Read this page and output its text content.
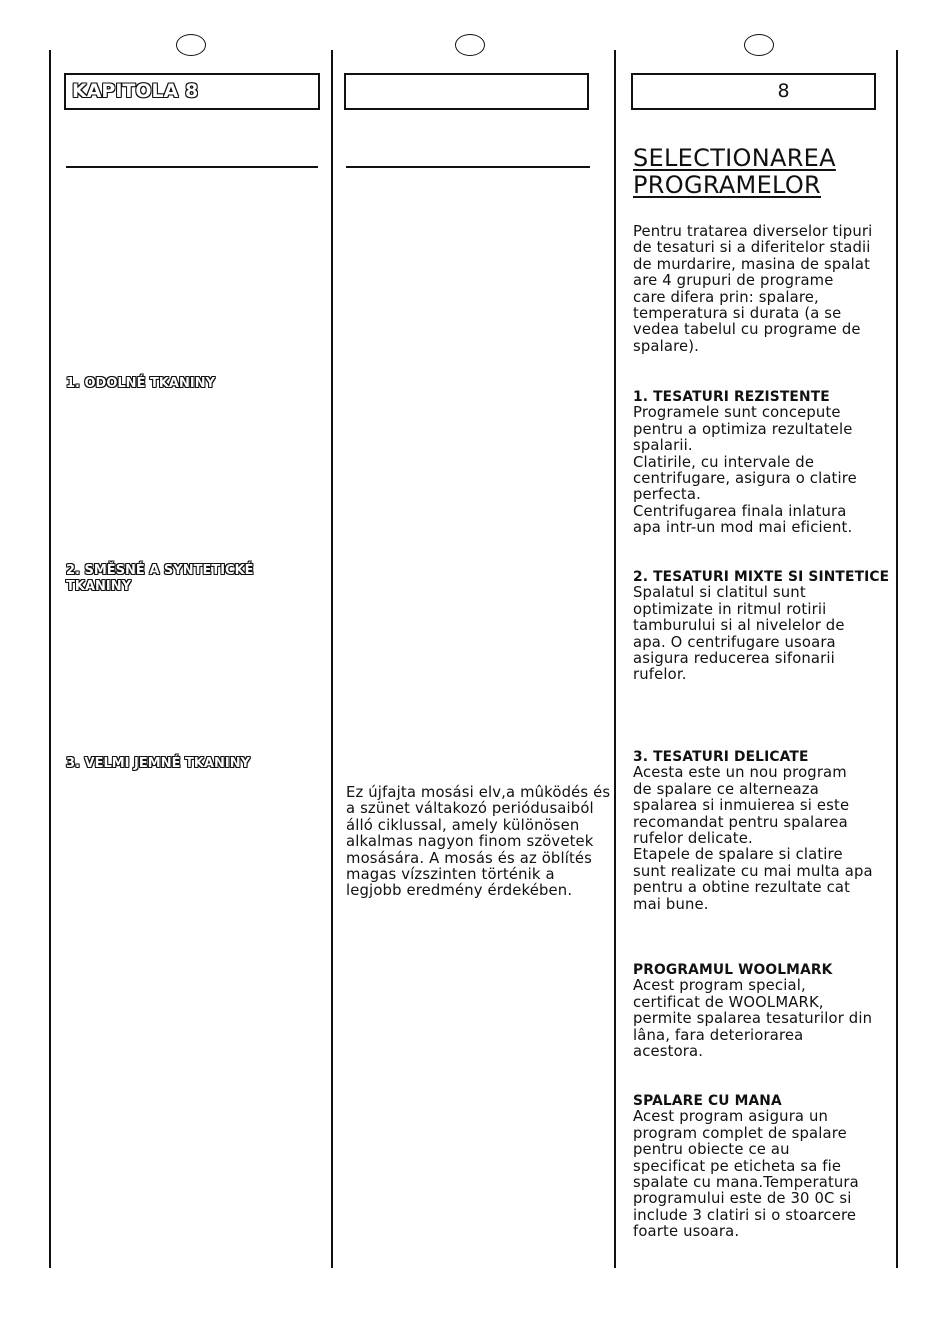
KAPITOLA 8
1. ODOLNÉ TKANINY
2. SMĚSNÉ A SYNTETICKÉ
TKANINY
3. VELMI JEMNÉ TKANINY
Ez újfajta mosási elv,a mûködés és
a szünet váltakozó periódusaiból
álló ciklussal, amely különösen
alkalmas nagyon finom szövetek
mosására. A mosás és az öblítés
magas vízszinten történik a
legjobb eredmény érdekében.
8
SELECTIONAREA
PROGRAMELOR
Pentru tratarea diverselor tipuri
de tesaturi si a diferitelor stadii
de murdarire, masina de spalat
are 4 grupuri de programe
care difera prin: spalare,
temperatura si durata (a se
vedea tabelul cu programe de
spalare).
1. TESATURI REZISTENTE
Programele sunt concepute
pentru a optimiza rezultatele
spalarii.
Clatirile, cu intervale de
centrifugare, asigura o clatire
perfecta.
Centrifugarea finala inlatura
apa intr-un mod mai eficient.
2. TESATURI MIXTE SI SINTETICE
Spalatul si clatitul sunt
optimizate in ritmul rotirii
tamburului si al nivelelor de
apa. O centrifugare usoara
asigura reducerea sifonarii
rufelor.
3. TESATURI DELICATE
Acesta este un nou program
de spalare ce alterneaza
spalarea si inmuierea si este
recomandat pentru spalarea
rufelor delicate.
Etapele de spalare si clatire
sunt realizate cu mai multa apa
pentru a obtine rezultate cat
mai bune.
PROGRAMUL WOOLMARK
Acest program special,
certificat de WOOLMARK,
permite spalarea tesaturilor din
lâna, fara deteriorarea
acestora.
SPALARE CU MANA
Acest program asigura un
program complet de spalare
pentru obiecte ce au
specificat pe eticheta sa fie
spalate cu mana.Temperatura
programului este de 30 0C si
include 3 clatiri si o stoarcere
foarte usoara.
